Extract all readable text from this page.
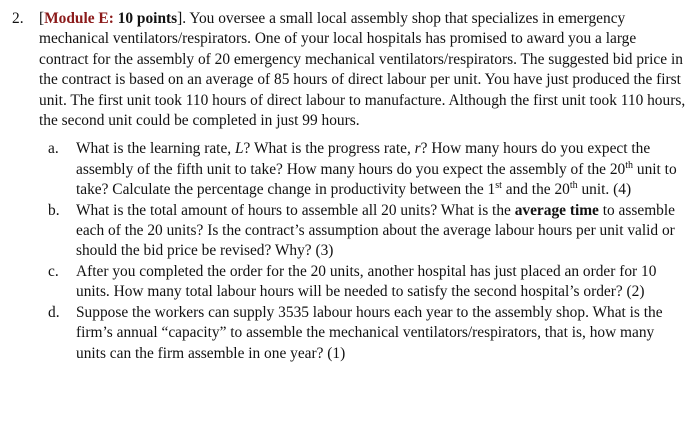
2. [Module E: 10 points]. You oversee a small local assembly shop that specializes in emergency mechanical ventilators/respirators. One of your local hospitals has promised to award you a large contract for the assembly of 20 emergency mechanical ventilators/respirators. The suggested bid price in the contract is based on an average of 85 hours of direct labour per unit. You have just produced the first unit. The first unit took 110 hours of direct labour to manufacture. Although the first unit took 110 hours, the second unit could be completed in just 99 hours.
a. What is the learning rate, L? What is the progress rate, r? How many hours do you expect the assembly of the fifth unit to take? How many hours do you expect the assembly of the 20th unit to take? Calculate the percentage change in productivity between the 1st and the 20th unit. (4)
b. What is the total amount of hours to assemble all 20 units? What is the average time to assemble each of the 20 units? Is the contract’s assumption about the average labour hours per unit valid or should the bid price be revised? Why? (3)
c. After you completed the order for the 20 units, another hospital has just placed an order for 10 units. How many total labour hours will be needed to satisfy the second hospital’s order? (2)
d. Suppose the workers can supply 3535 labour hours each year to the assembly shop. What is the firm’s annual “capacity” to assemble the mechanical ventilators/respirators, that is, how many units can the firm assemble in one year? (1)
